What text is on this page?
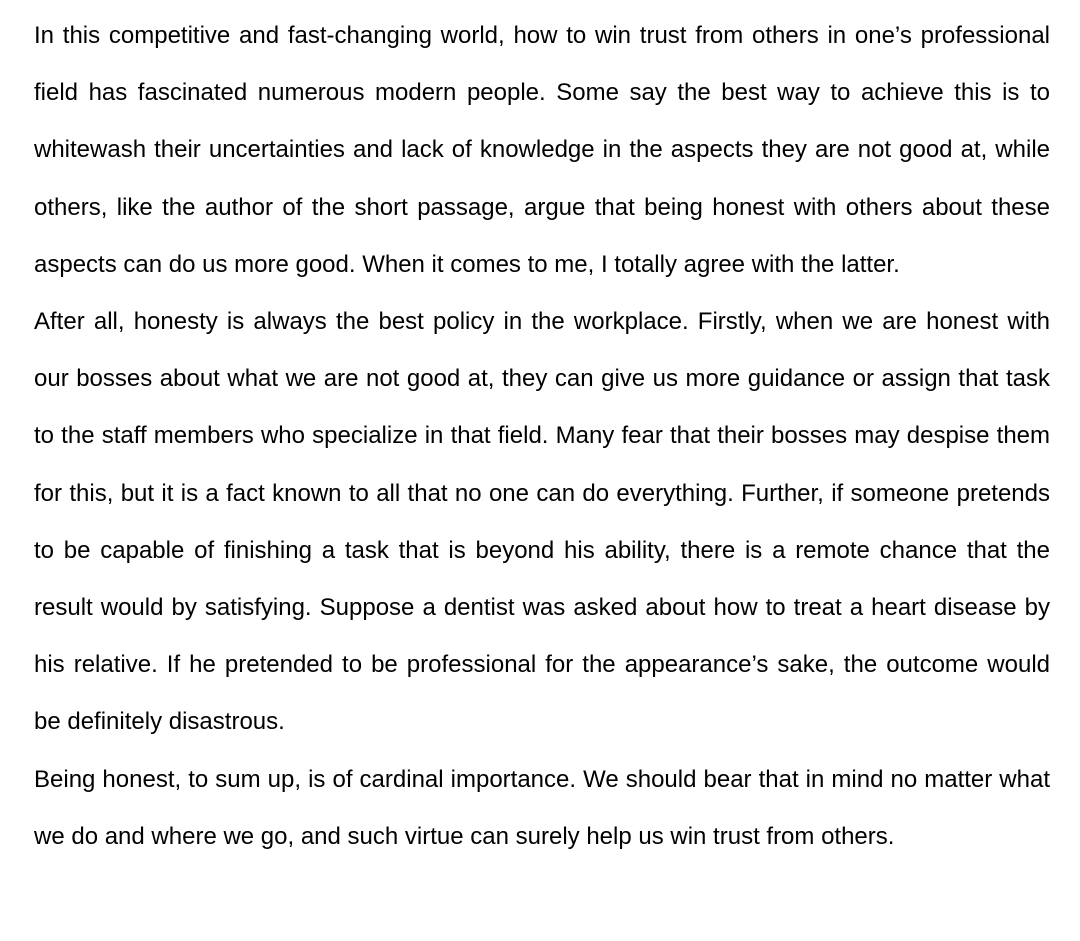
In this competitive and fast-changing world, how to win trust from others in one’s professional field has fascinated numerous modern people. Some say the best way to achieve this is to whitewash their uncertainties and lack of knowledge in the aspects they are not good at, while others, like the author of the short passage, argue that being honest with others about these aspects can do us more good. When it comes to me, I totally agree with the latter.

After all, honesty is always the best policy in the workplace. Firstly, when we are honest with our bosses about what we are not good at, they can give us more guidance or assign that task to the staff members who specialize in that field. Many fear that their bosses may despise them for this, but it is a fact known to all that no one can do everything. Further, if someone pretends to be capable of finishing a task that is beyond his ability, there is a remote chance that the result would by satisfying. Suppose a dentist was asked about how to treat a heart disease by his relative. If he pretended to be professional for the appearance’s sake, the outcome would be definitely disastrous.

Being honest, to sum up, is of cardinal importance. We should bear that in mind no matter what we do and where we go, and such virtue can surely help us win trust from others.
